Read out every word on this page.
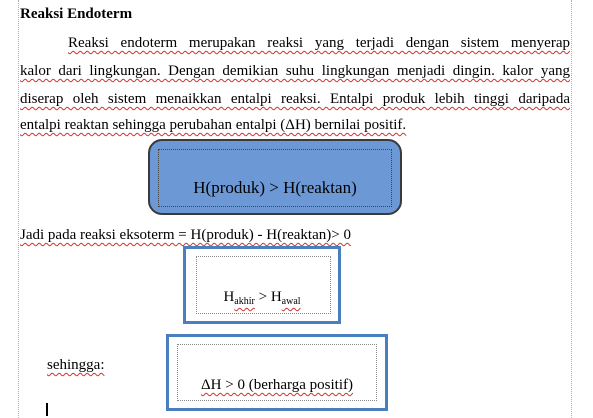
Reaksi Endoterm
Reaksi endoterm merupakan reaksi yang terjadi dengan sistem menyerap
kalor dari lingkungan. Dengan demikian suhu lingkungan menjadi dingin. kalor yang
diserap oleh sistem menaikkan entalpi reaksi. Entalpi produk lebih tinggi daripada
entalpi reaktan sehingga perubahan entalpi (ΔH) bernilai positif.
H(produk) > H(reaktan)
Jadi pada reaksi eksoterm = H(produk) - H(reaktan)> 0
$H_{akhir} > H_{awal}$
sehingga:
ΔH > 0 (berharga positif)
